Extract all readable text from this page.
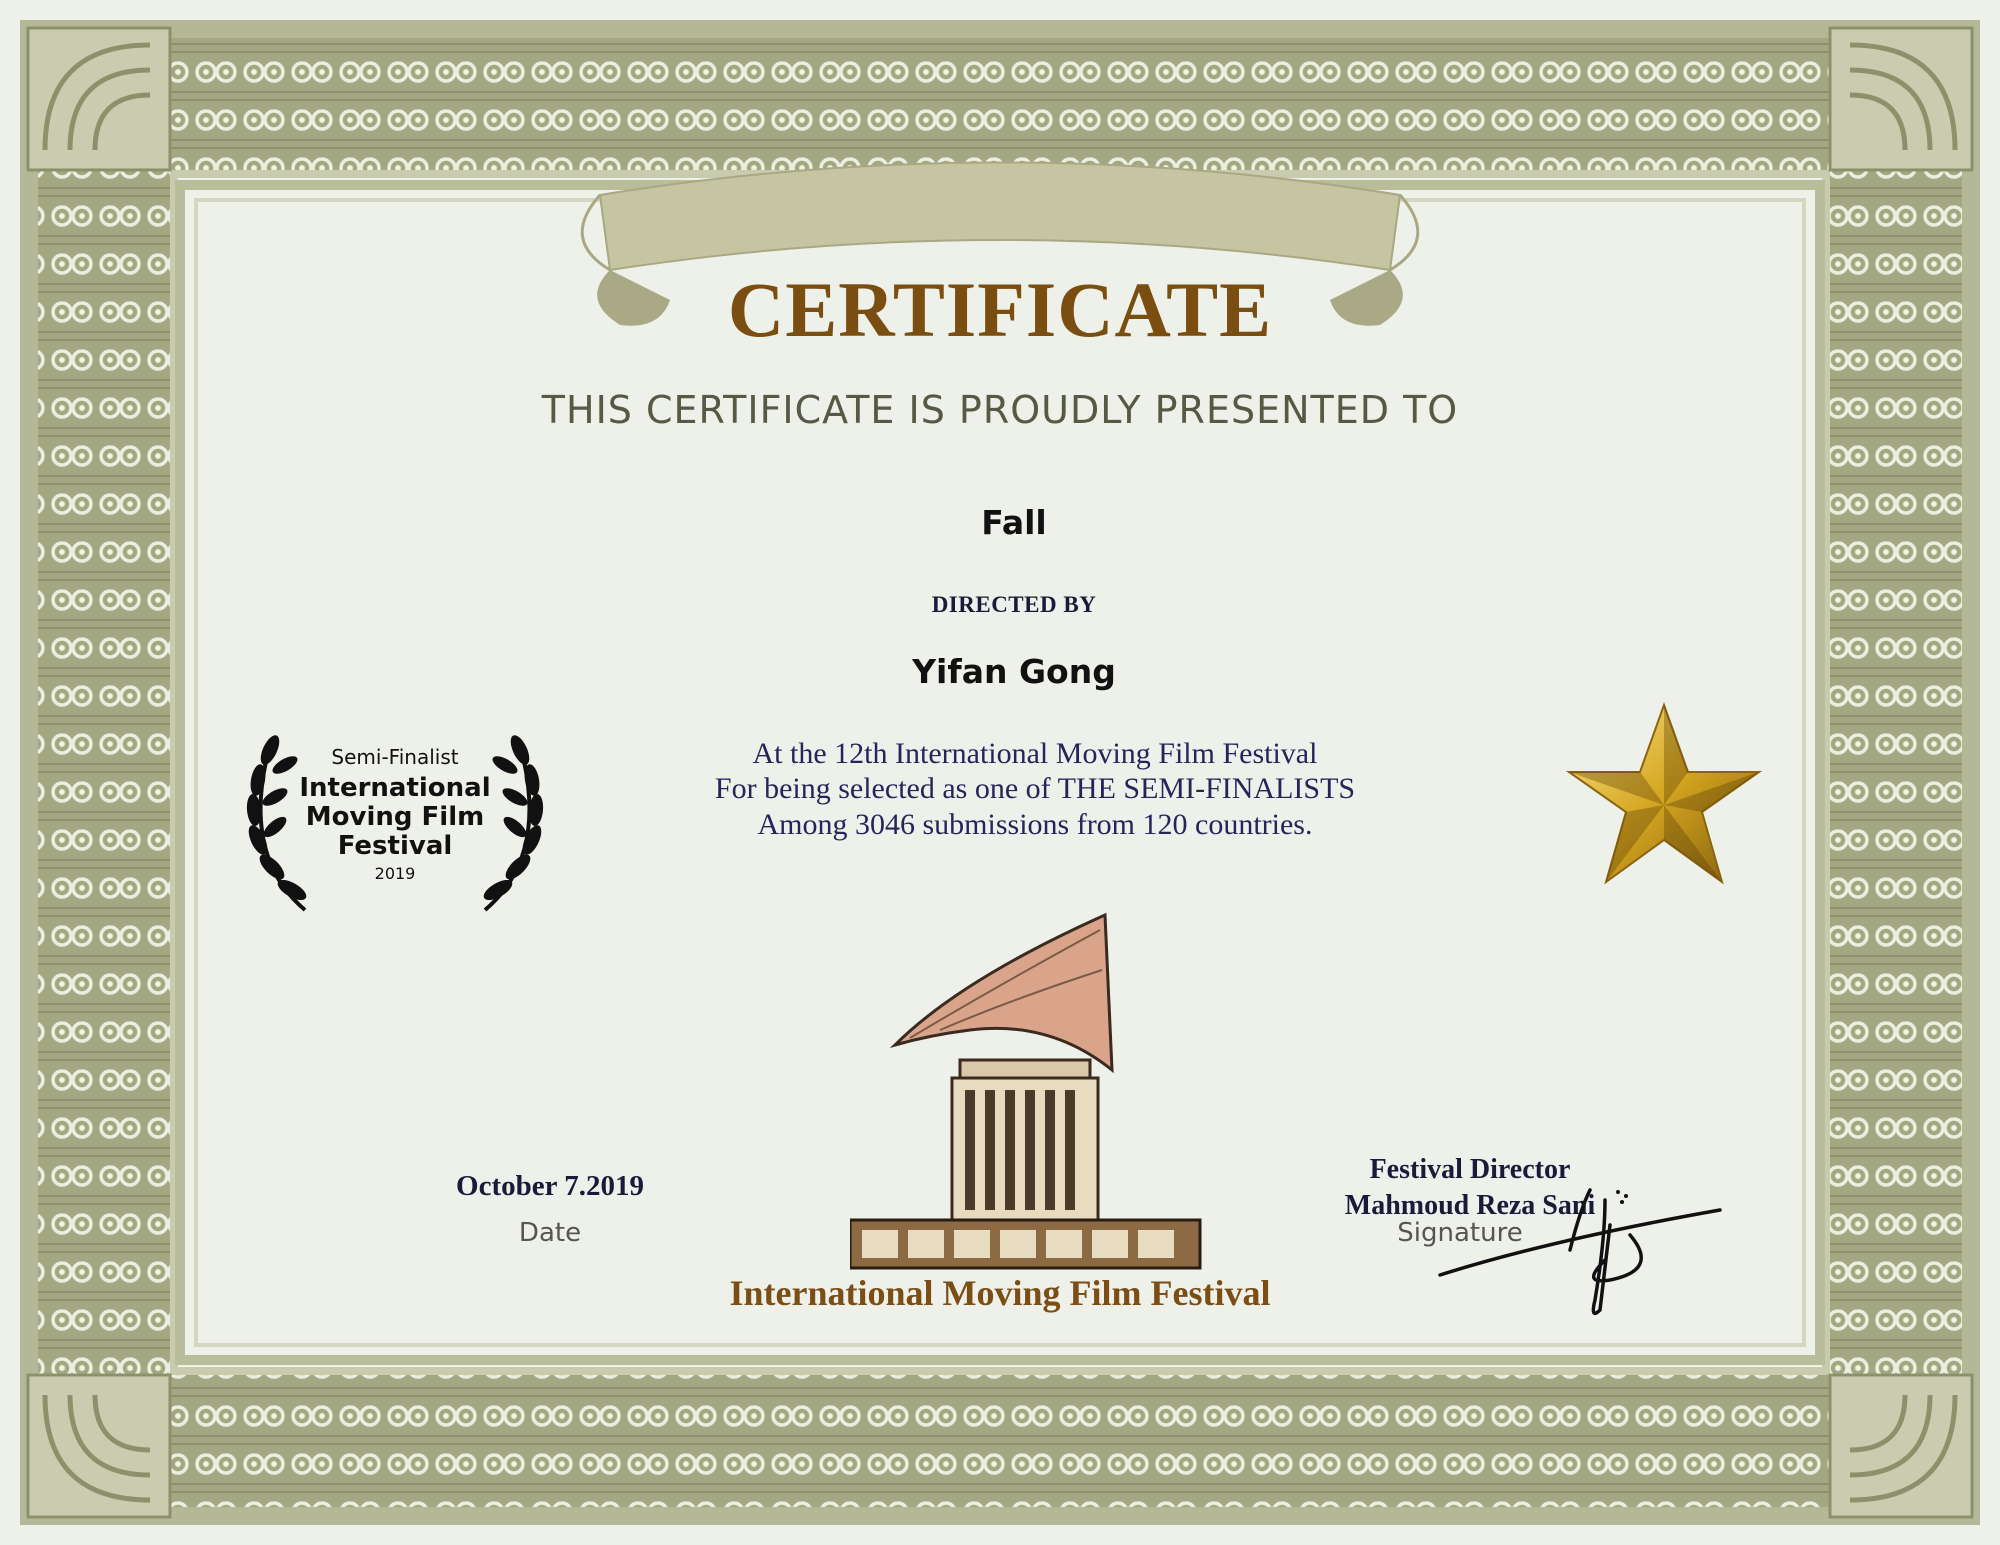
CERTIFICATE

THIS CERTIFICATE IS PROUDLY PRESENTED TO

Fall

DIRECTED BY

Yifan Gong

At the 12th International Moving Film Festival

For being selected as one of THE SEMI-FINALISTS

Among 3046 submissions from 120 countries.

Semi-Finalist

International
Moving Film
Festival

2019

International Moving Film Festival

October 7.2019

Date

Festival Director

Mahmoud Reza Sani

Signature
